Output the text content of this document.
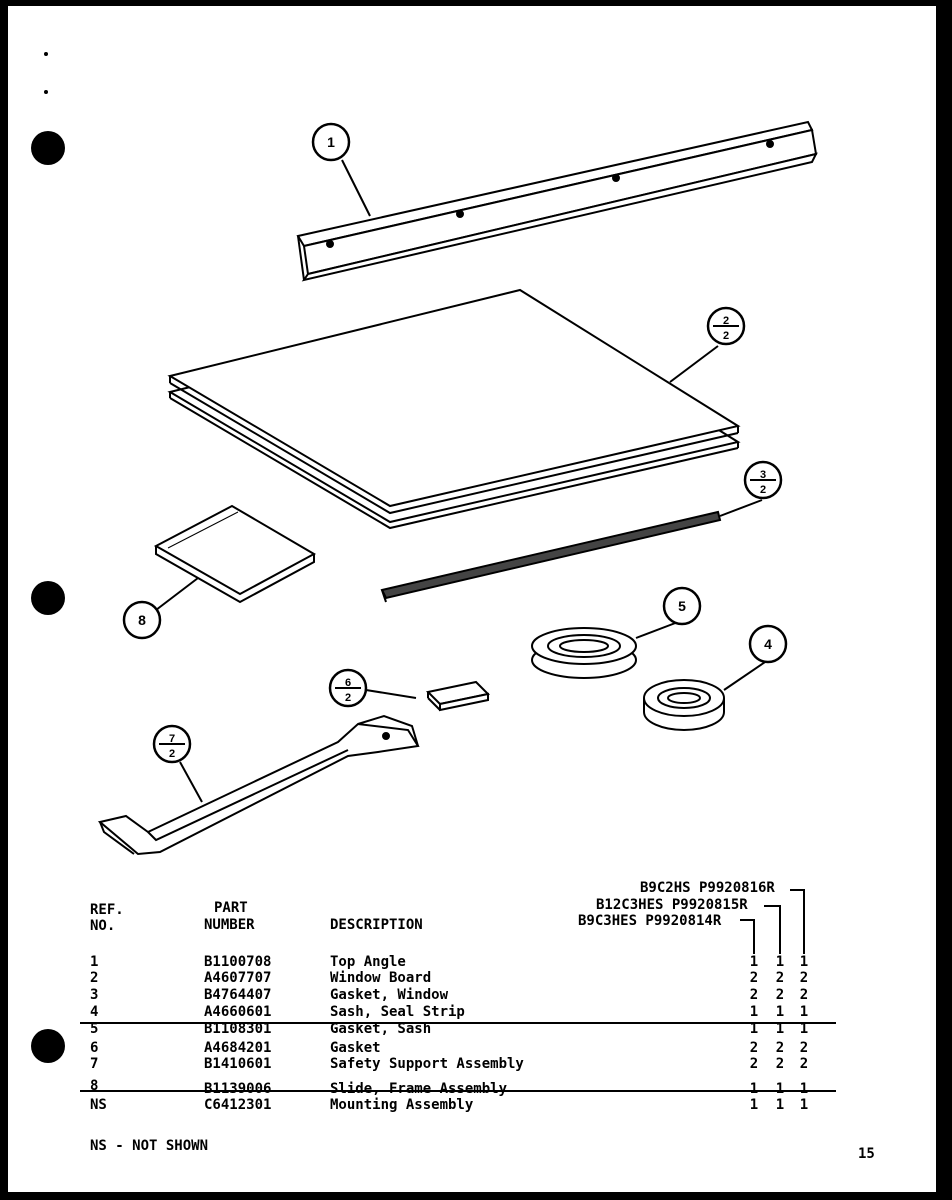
1
2
2
3
2
4
5
6
2
7
2
8
B9C2HS P9920816R
B12C3HES P9920815R
B9C3HES P9920814R
REF.
NO.
PART
NUMBER	DESCRIPTION
1	B1100708	Top Angle	1 1 1
2	A4607707	Window Board	2 2 2
3	B4764407	Gasket, Window	2 2 2
4	A4660601	Sash, Seal Strip	1 1 1
5	B1108301	Gasket, Sash	1 1 1
6	A4684201	Gasket	2 2 2
7	B1410601	Safety Support Assembly	2 2 2
8	B1139006	Slide, Frame Assembly	1 1 1
NS	C6412301	Mounting Assembly	1 1 1
NS - NOT SHOWN	15
